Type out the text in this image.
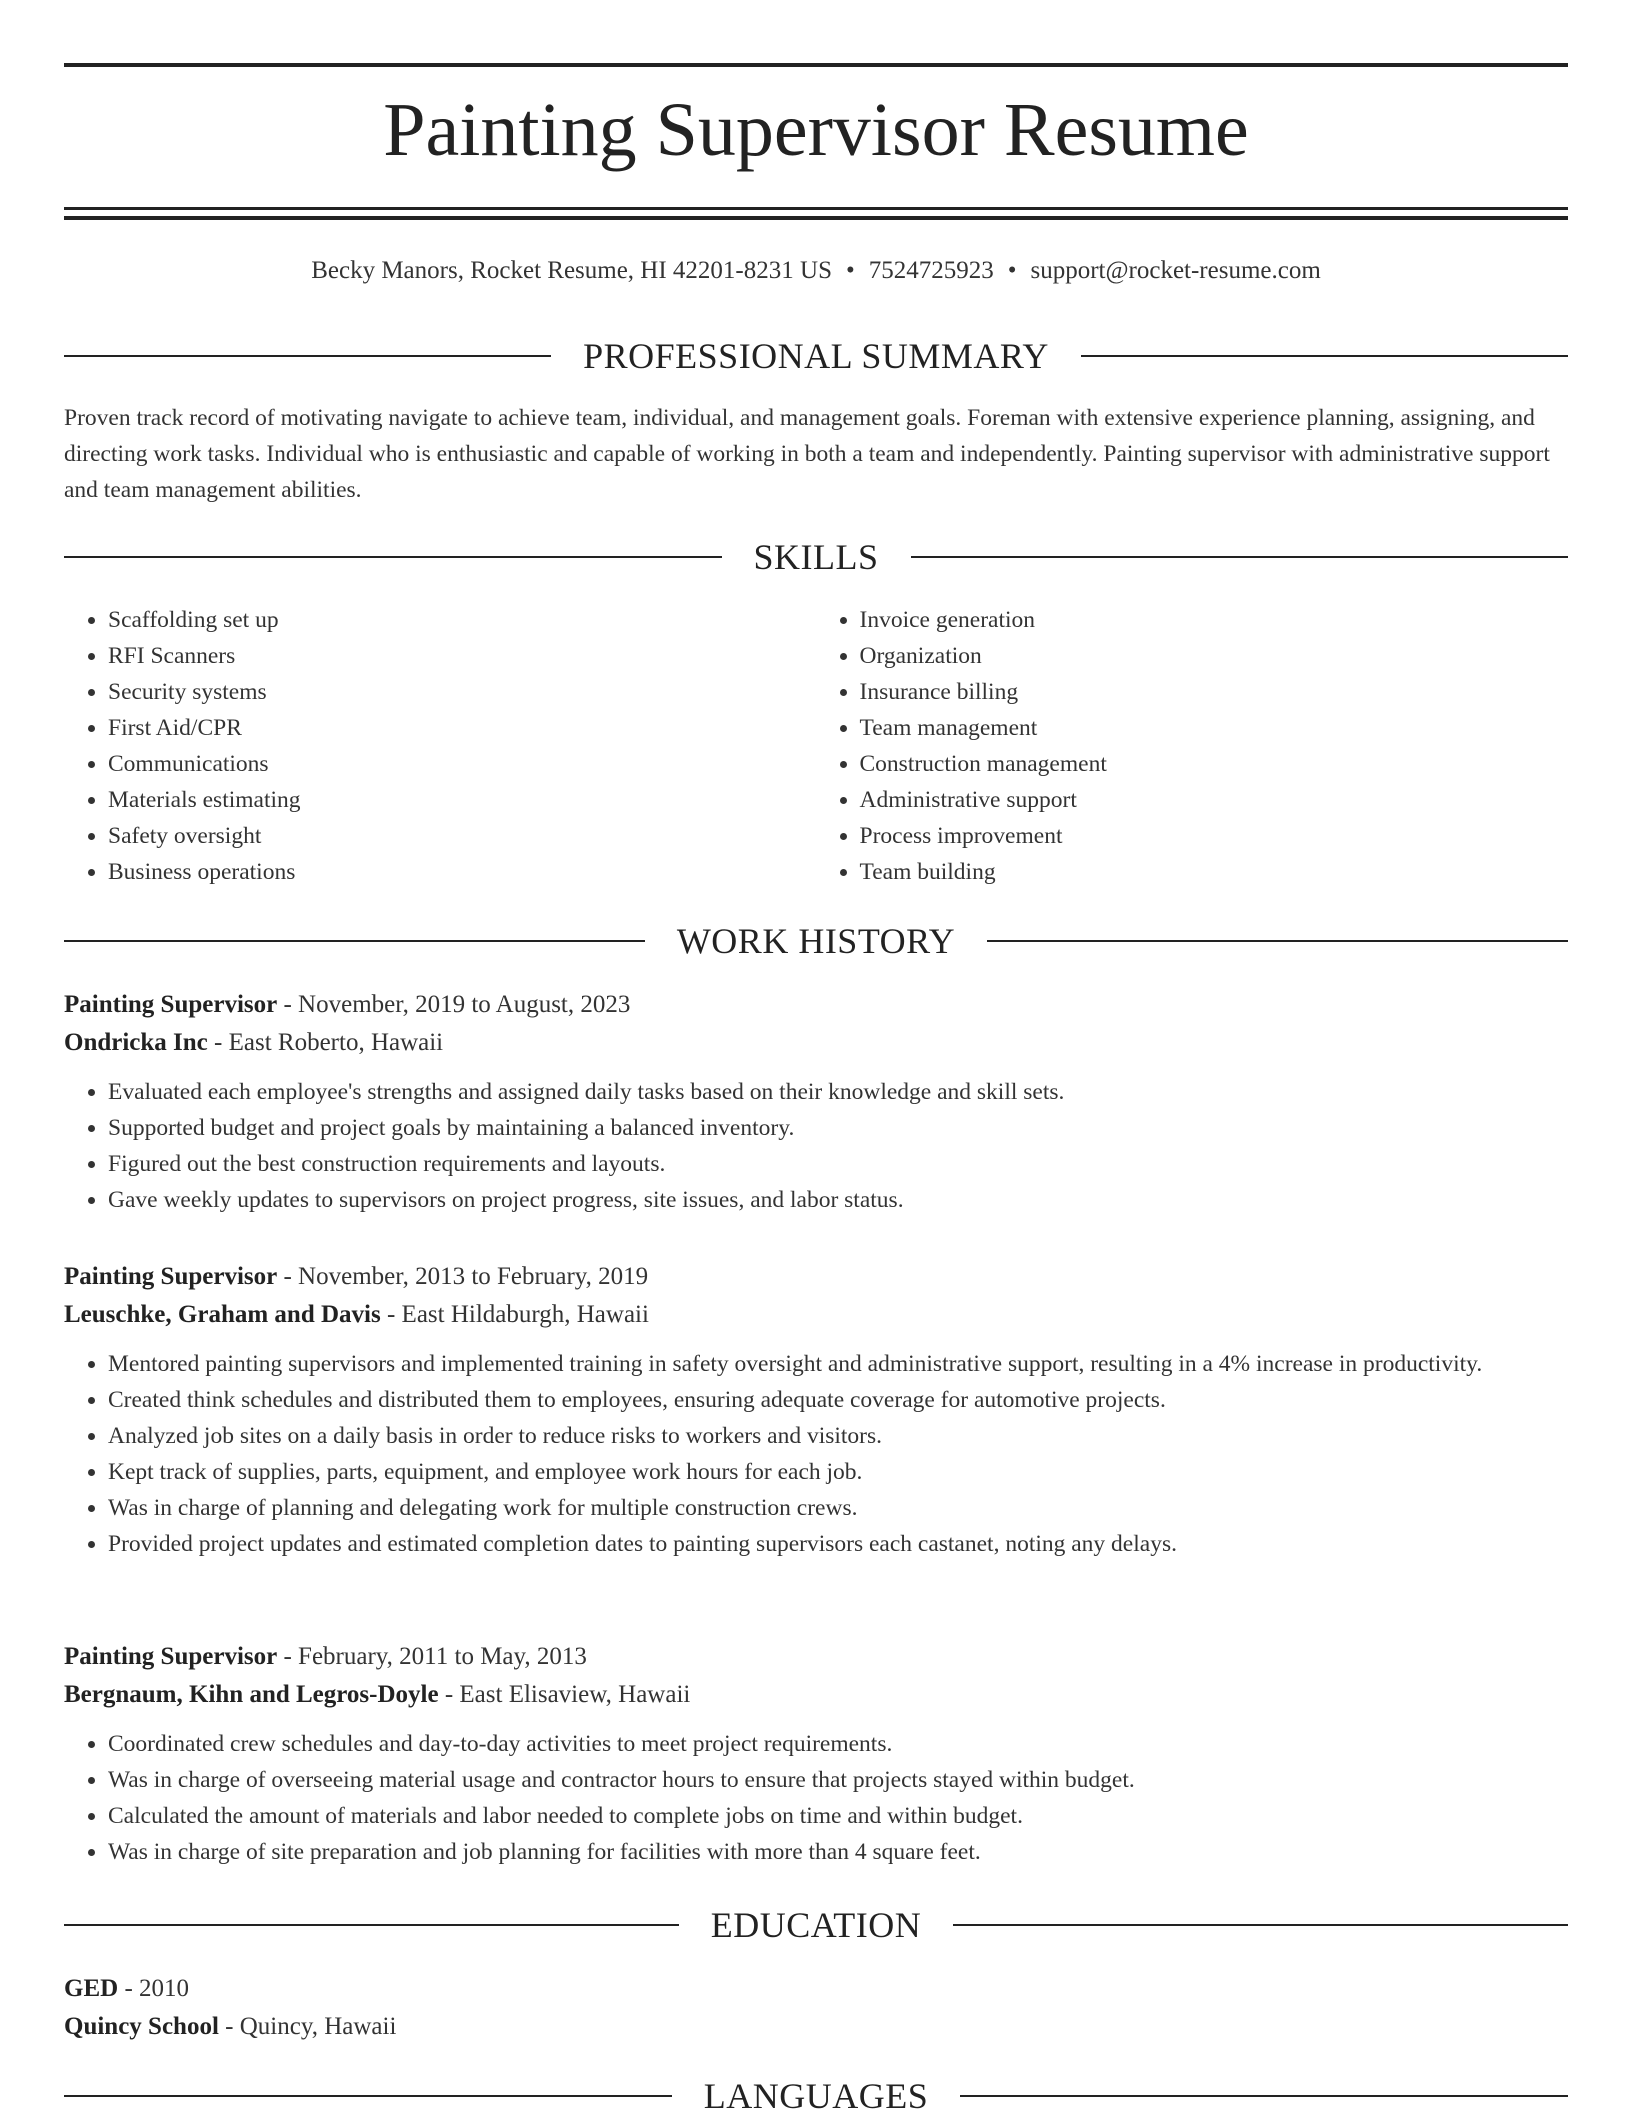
Painting Supervisor Resume
Becky Manors, Rocket Resume, HI 42201-8231 US • 7524725923 • support@rocket-resume.com
PROFESSIONAL SUMMARY
Proven track record of motivating navigate to achieve team, individual, and management goals. Foreman with extensive experience planning, assigning, and directing work tasks. Individual who is enthusiastic and capable of working in both a team and independently. Painting supervisor with administrative support and team management abilities.
SKILLS
• Scaffolding set up
• RFI Scanners
• Security systems
• First Aid/CPR
• Communications
• Materials estimating
• Safety oversight
• Business operations
• Invoice generation
• Organization
• Insurance billing
• Team management
• Construction management
• Administrative support
• Process improvement
• Team building
WORK HISTORY
Painting Supervisor - November, 2019 to August, 2023
Ondricka Inc - East Roberto, Hawaii
• Evaluated each employee's strengths and assigned daily tasks based on their knowledge and skill sets.
• Supported budget and project goals by maintaining a balanced inventory.
• Figured out the best construction requirements and layouts.
• Gave weekly updates to supervisors on project progress, site issues, and labor status.
Painting Supervisor - November, 2013 to February, 2019
Leuschke, Graham and Davis - East Hildaburgh, Hawaii
• Mentored painting supervisors and implemented training in safety oversight and administrative support, resulting in a 4% increase in productivity.
• Created think schedules and distributed them to employees, ensuring adequate coverage for automotive projects.
• Analyzed job sites on a daily basis in order to reduce risks to workers and visitors.
• Kept track of supplies, parts, equipment, and employee work hours for each job.
• Was in charge of planning and delegating work for multiple construction crews.
• Provided project updates and estimated completion dates to painting supervisors each castanet, noting any delays.
Painting Supervisor - February, 2011 to May, 2013
Bergnaum, Kihn and Legros-Doyle - East Elisaview, Hawaii
• Coordinated crew schedules and day-to-day activities to meet project requirements.
• Was in charge of overseeing material usage and contractor hours to ensure that projects stayed within budget.
• Calculated the amount of materials and labor needed to complete jobs on time and within budget.
• Was in charge of site preparation and job planning for facilities with more than 4 square feet.
EDUCATION
GED - 2010
Quincy School - Quincy, Hawaii
LANGUAGES
